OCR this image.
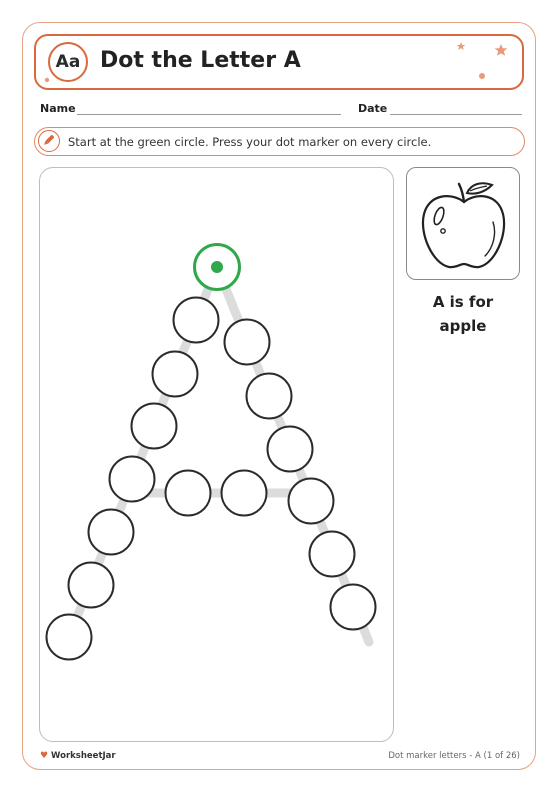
Aa Dot the Letter A
Name	Date
Start at the green circle. Press your dot marker on every circle.
A is for
apple
♥ WorksheetJar	Dot marker letters - A (1 of 26)
